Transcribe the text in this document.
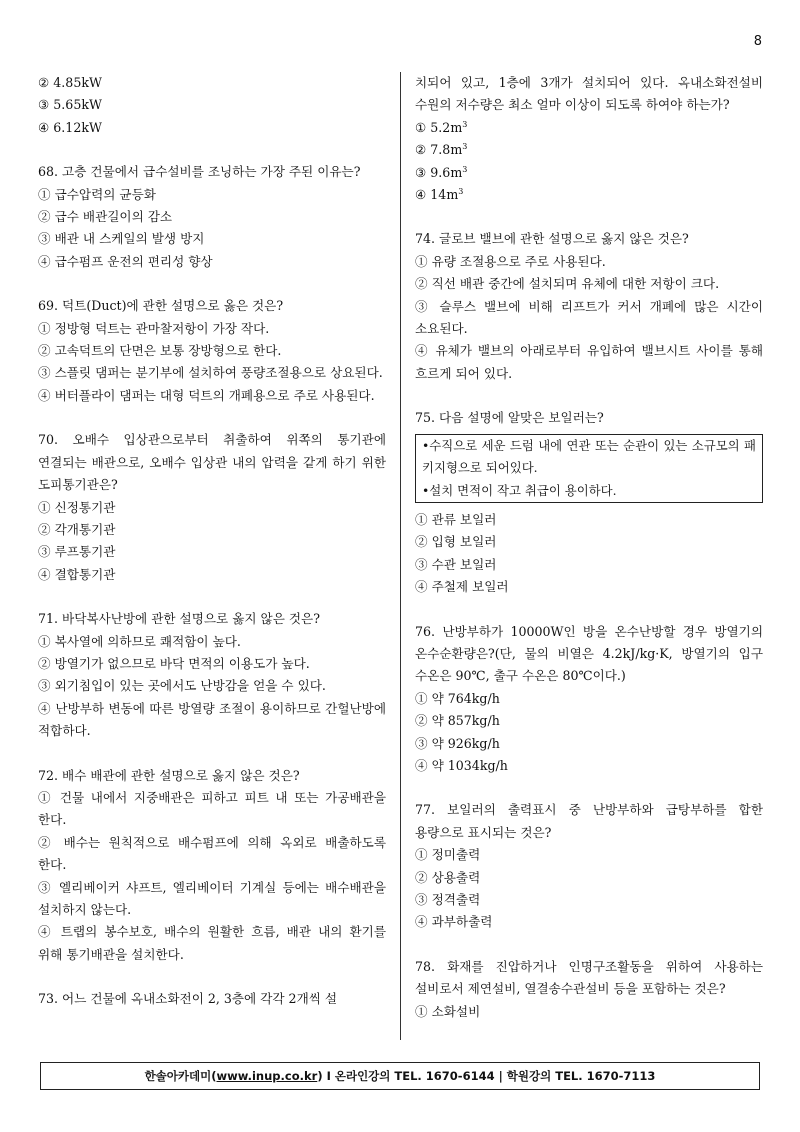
8
② 4.85kW
③ 5.65kW
④ 6.12kW
68. 고층 건물에서 급수설비를 조닝하는 가장 주된 이유는?
① 급수압력의 균등화
② 급수 배관길이의 감소
③ 배관 내 스케일의 발생 방지
④ 급수펌프 운전의 편리성 향상
69. 덕트(Duct)에 관한 설명으로 옳은 것은?
① 정방형 덕트는 관마찰저항이 가장 작다.
② 고속덕트의 단면은 보통 장방형으로 한다.
③ 스플릿 댐퍼는 분기부에 설치하여 풍량조절용으로 상요된다.
④ 버터플라이 댐퍼는 대형 덕트의 개폐용으로 주로 사용된다.
70. 오배수 입상관으로부터 취출하여 위쪽의 통기관에 연결되는 배관으로, 오배수 입상관 내의 압력을 같게 하기 위한 도피통기관은?
① 신정통기관
② 각개통기관
③ 루프통기관
④ 결합통기관
71. 바닥복사난방에 관한 설명으로 옳지 않은 것은?
① 복사열에 의하므로 쾌적함이 높다.
② 방열기가 없으므로 바닥 면적의 이용도가 높다.
③ 외기침입이 있는 곳에서도 난방감을 얻을 수 있다.
④ 난방부하 변동에 따른 방열량 조절이 용이하므로 간헐난방에 적합하다.
72. 배수 배관에 관한 설명으로 옳지 않은 것은?
① 건물 내에서 지중배관은 피하고 피트 내 또는 가공배관을 한다.
② 배수는 원칙적으로 배수펌프에 의해 옥외로 배출하도록 한다.
③ 엘리베이커 샤프트, 엘리베이터 기계실 등에는 배수배관을 설치하지 않는다.
④ 트랩의 봉수보호, 배수의 원활한 흐름, 배관 내의 환기를 위해 통기배관을 설치한다.
73. 어느 건물에 옥내소화전이 2, 3층에 각각 2개씩 설
치되어 있고, 1층에 3개가 설치되어 있다. 옥내소화전설비 수원의 저수량은 최소 얼마 이상이 되도록 하여야 하는가?
① $5.2m^3$
② $7.8m^3$
③ $9.6m^3$
④ $14m^3$
74. 글로브 밸브에 관한 설명으로 옳지 않은 것은?
① 유량 조절용으로 주로 사용된다.
② 직선 배관 중간에 설치되며 유체에 대한 저항이 크다.
③ 슬루스 밸브에 비해 리프트가 커서 개폐에 많은 시간이 소요된다.
④ 유체가 밸브의 아래로부터 유입하여 밸브시트 사이를 통해 흐르게 되어 있다.
75. 다음 설명에 알맞은 보일러는?
•수직으로 세운 드럼 내에 연관 또는 순관이 있는 소규모의 패키지형으로 되어있다.
•설치 면적이 작고 취급이 용이하다.
① 관류 보일러
② 입형 보일러
③ 수관 보일러
④ 주철제 보일러
76. 난방부하가 10000W인 방을 온수난방할 경우 방열기의 온수순환량은?(단, 물의 비열은 4.2kJ/kg·K, 방열기의 입구 수온은 90℃, 출구 수온은 80℃이다.)
① 약 764kg/h
② 약 857kg/h
③ 약 926kg/h
④ 약 1034kg/h
77. 보일러의 출력표시 중 난방부하와 급탕부하를 합한 용량으로 표시되는 것은?
① 정미출력
② 상용출력
③ 정격출력
④ 과부하출력
78. 화재를 진압하거나 인명구조활동을 위하여 사용하는 설비로서 제연설비, 열결송수관설비 등을 포함하는 것은?
① 소화설비
한솔아카데미(www.inup.co.kr) I 온라인강의 TEL. 1670-6144 | 학원강의 TEL. 1670-7113
